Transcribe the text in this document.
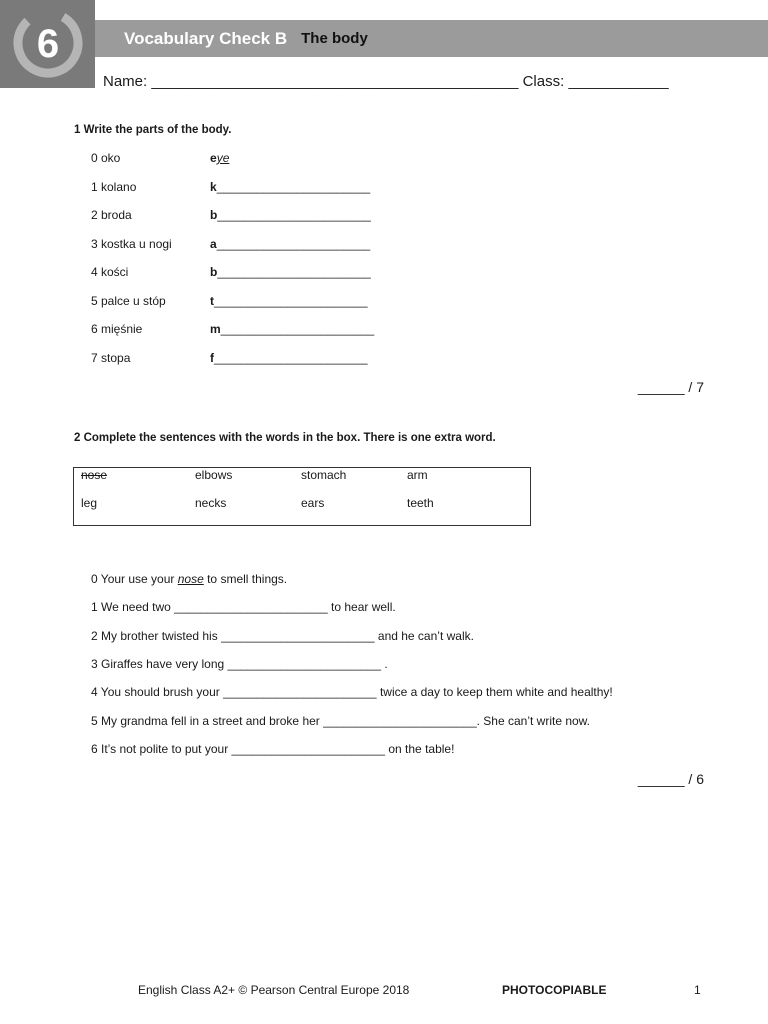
6	Vocabulary Check B The body
Name: ____________________________________________ Class: ____________
1 Write the parts of the body.
0 oko	eye
1 kolano	k_______________________
2 broda	b_______________________
3 kostka u nogi	a_______________________
4 kości	b_______________________
5 palce u stóp	t_______________________
6 mięśnie	m_______________________
7 stopa	f_______________________
______ / 7
2 Complete the sentences with the words in the box. There is one extra word.
nose	elbows	stomach	arm
leg	necks	ears	teeth
0 Your use your nose to smell things.
1 We need two _______________________ to hear well.
2 My brother twisted his _______________________ and he can’t walk.
3 Giraffes have very long _______________________ .
4 You should brush your _______________________ twice a day to keep them white and healthy!
5 My grandma fell in a street and broke her _______________________. She can’t write now.
6 It’s not polite to put your _______________________ on the table!
______ / 6
English Class A2+ © Pearson Central Europe 2018	PHOTOCOPIABLE	1
